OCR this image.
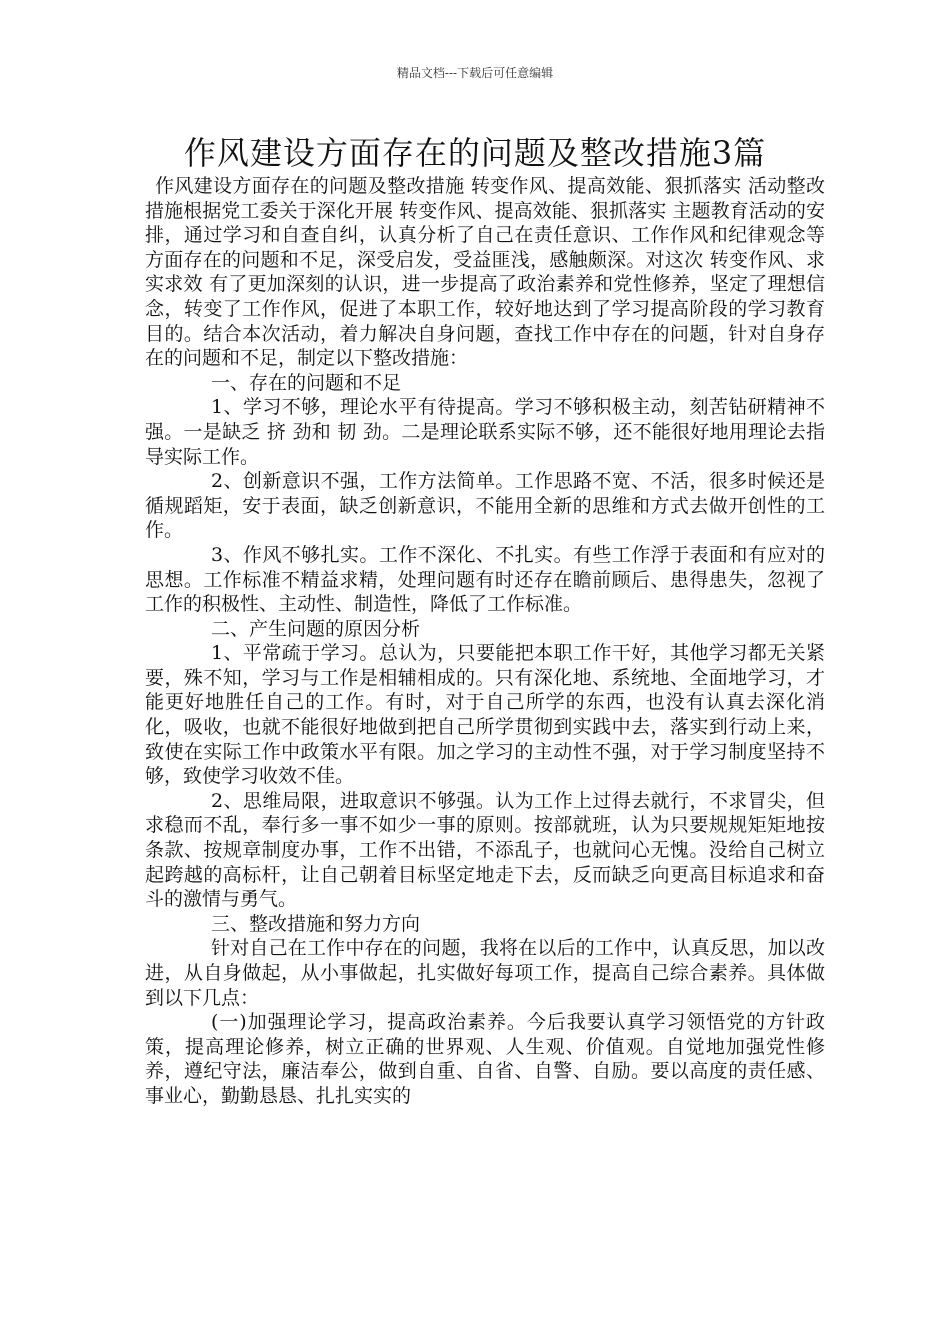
精品文档---下载后可任意编辑
作风建设方面存在的问题及整改措施3篇

作风建设方面存在的问题及整改措施 转变作风、提高效能、狠抓落实 活动整改措施根据党工委关于深化开展 转变作风、提高效能、狠抓落实 主题教育活动的安排，通过学习和自查自纠，认真分析了自己在责任意识、工作作风和纪律观念等方面存在的问题和不足，深受启发，受益匪浅，感触颇深。对这次 转变作风、求实求效 有了更加深刻的认识，进一步提高了政治素养和党性修养，坚定了理想信念，转变了工作作风，促进了本职工作，较好地达到了学习提高阶段的学习教育目的。结合本次活动，着力解决自身问题，查找工作中存在的问题，针对自身存在的问题和不足，制定以下整改措施：

一、存在的问题和不足

1、学习不够，理论水平有待提高。学习不够积极主动，刻苦钻研精神不强。一是缺乏 挤 劲和 韧 劲。二是理论联系实际不够，还不能很好地用理论去指导实际工作。

2、创新意识不强，工作方法简单。工作思路不宽、不活，很多时候还是循规蹈矩，安于表面，缺乏创新意识，不能用全新的思维和方式去做开创性的工作。

3、作风不够扎实。工作不深化、不扎实。有些工作浮于表面和有应对的思想。工作标准不精益求精，处理问题有时还存在瞻前顾后、患得患失，忽视了工作的积极性、主动性、制造性，降低了工作标准。

二、产生问题的原因分析

1、平常疏于学习。总认为，只要能把本职工作干好，其他学习都无关紧要，殊不知，学习与工作是相辅相成的。只有深化地、系统地、全面地学习，才能更好地胜任自己的工作。有时，对于自己所学的东西，也没有认真去深化消化，吸收，也就不能很好地做到把自己所学贯彻到实践中去，落实到行动上来，致使在实际工作中政策水平有限。加之学习的主动性不强，对于学习制度坚持不够，致使学习收效不佳。

2、思维局限，进取意识不够强。认为工作上过得去就行，不求冒尖，但求稳而不乱，奉行多一事不如少一事的原则。按部就班，认为只要规规矩矩地按条款、按规章制度办事，工作不出错，不添乱子，也就问心无愧。没给自己树立起跨越的高标杆，让自己朝着目标坚定地走下去，反而缺乏向更高目标追求和奋斗的激情与勇气。

三、整改措施和努力方向

针对自己在工作中存在的问题，我将在以后的工作中，认真反思，加以改进，从自身做起，从小事做起，扎实做好每项工作，提高自己综合素养。具体做到以下几点：

(一)加强理论学习，提高政治素养。今后我要认真学习领悟党的方针政策，提高理论修养，树立正确的世界观、人生观、价值观。自觉地加强党性修养，遵纪守法，廉洁奉公，做到自重、自省、自警、自励。要以高度的责任感、事业心，勤勤恳恳、扎扎实实的
